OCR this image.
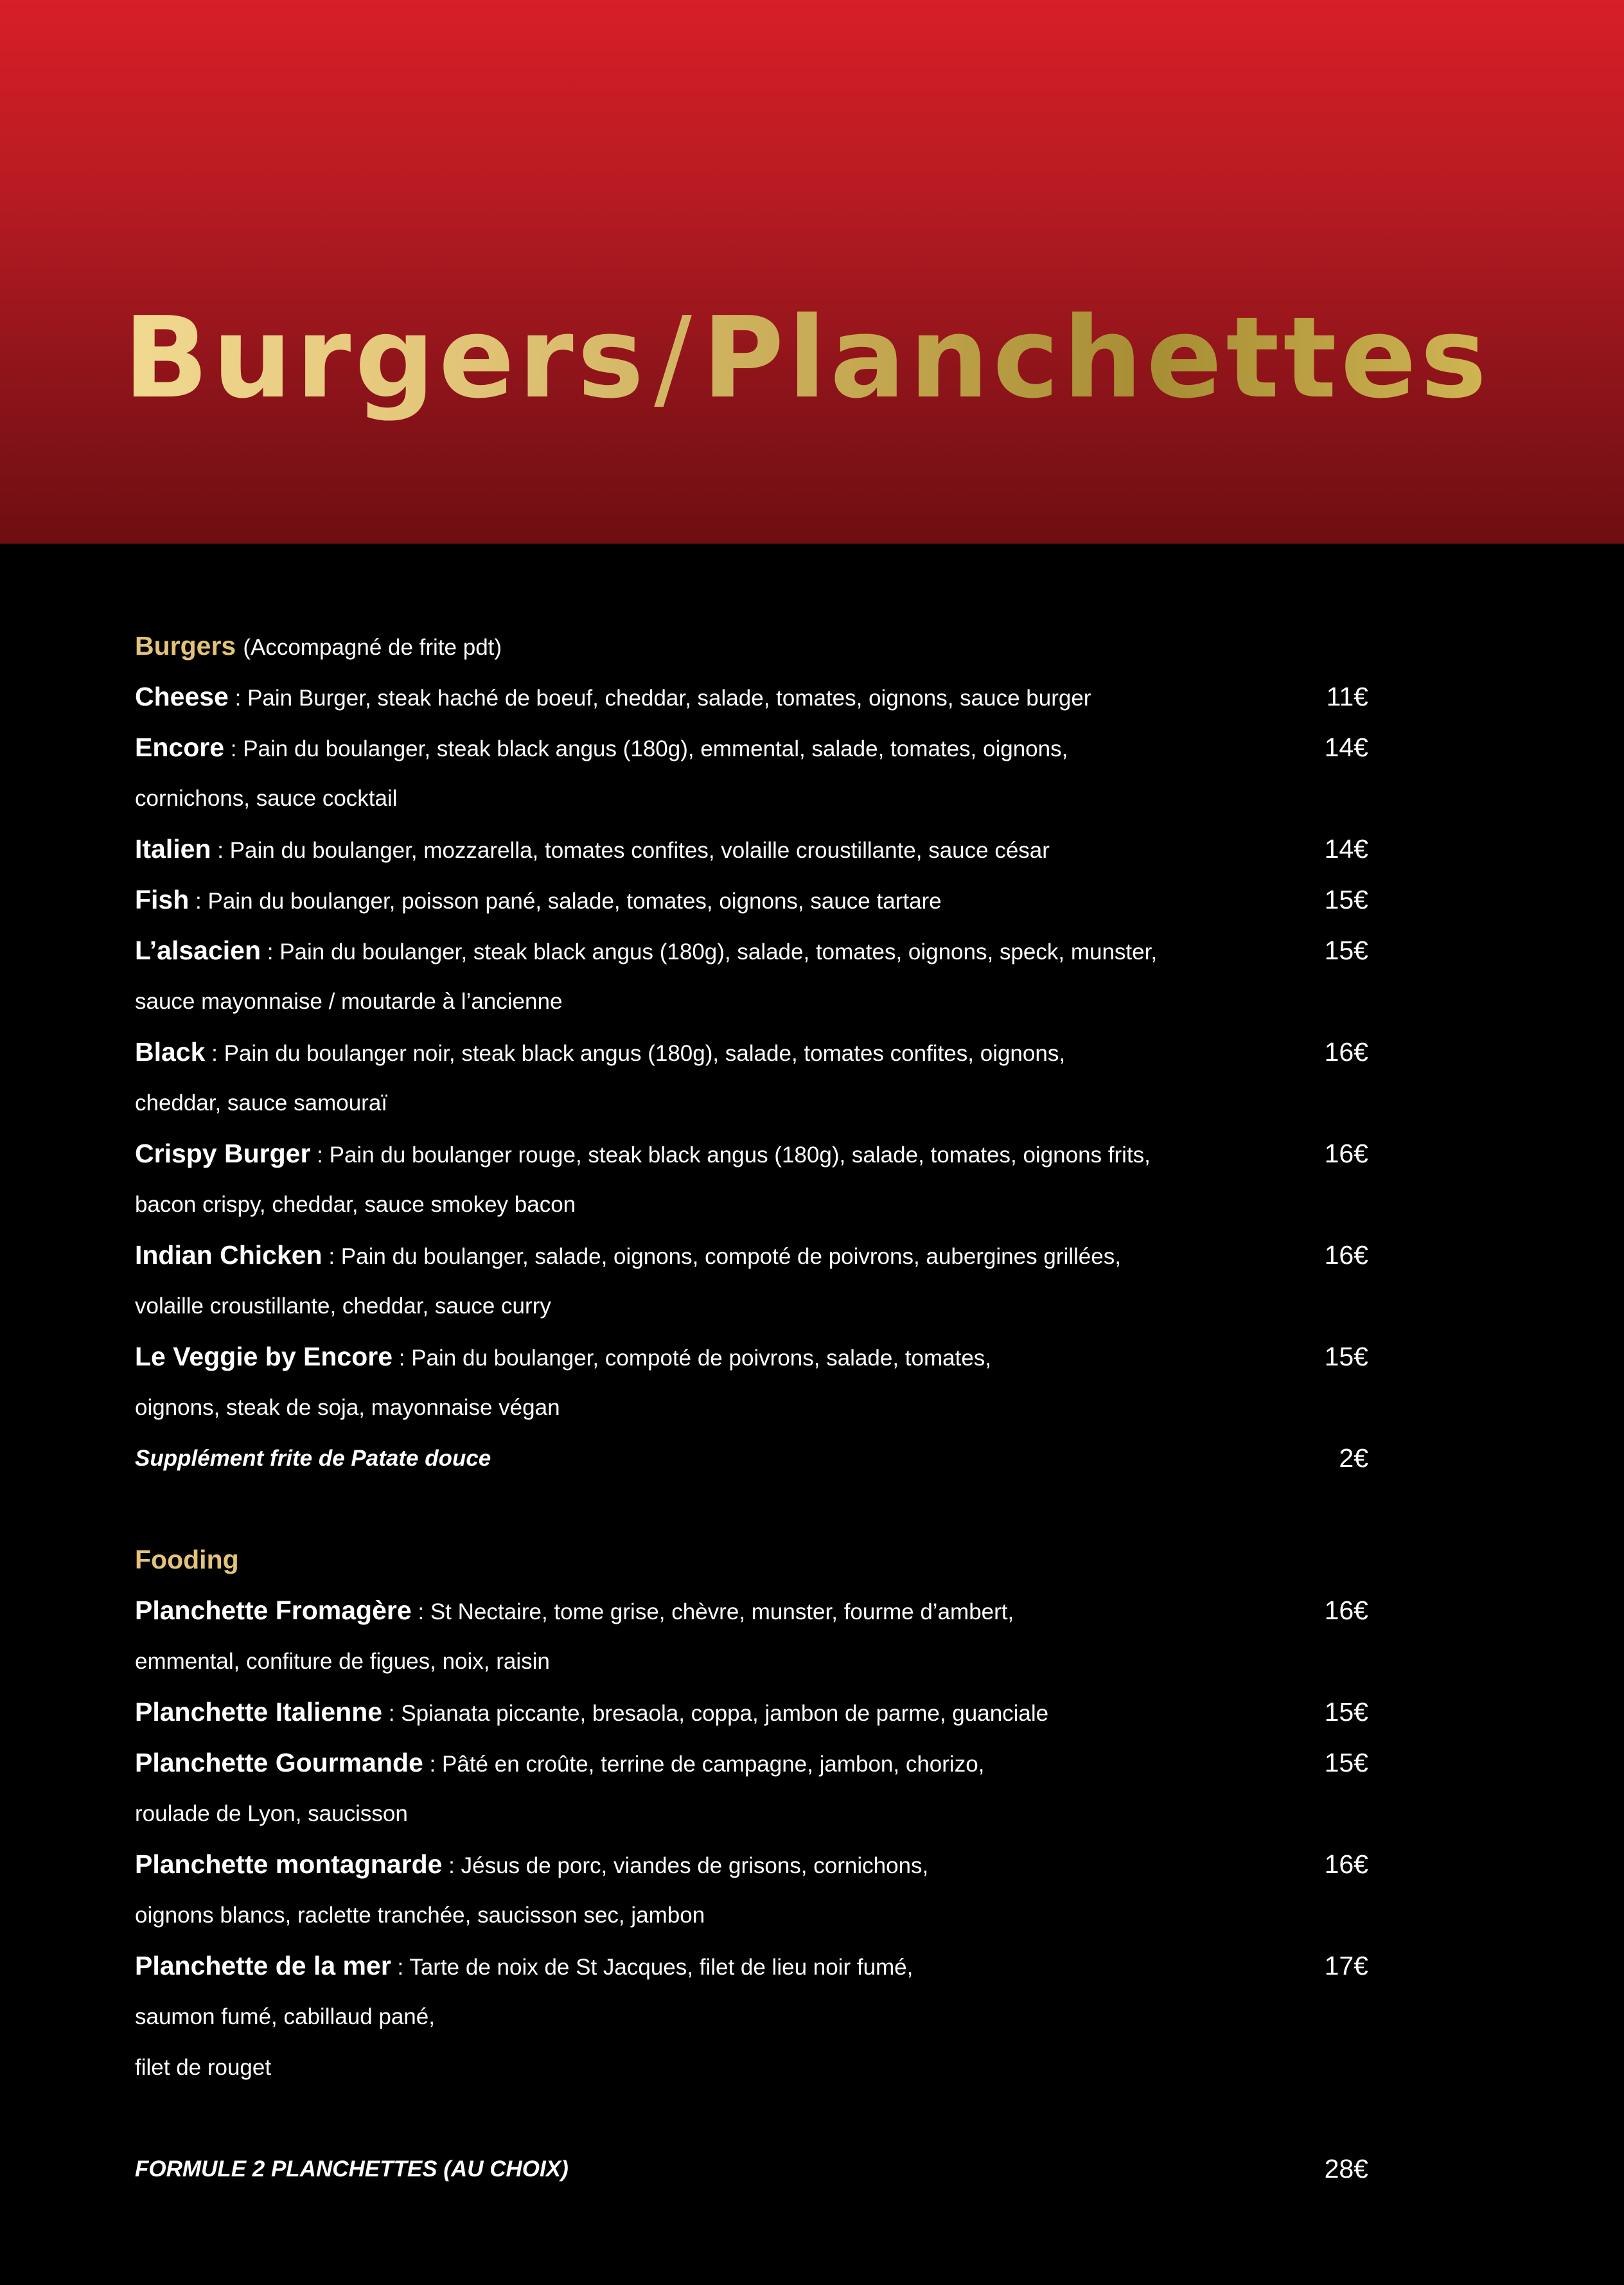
Burgers/Planchettes
Burgers (Accompagné de frite pdt)
Cheese : Pain Burger, steak haché de boeuf, cheddar, salade, tomates, oignons, sauce burger	11€
Encore : Pain du boulanger, steak black angus (180g), emmental, salade, tomates, oignons,
cornichons, sauce cocktail
14€
Italien : Pain du boulanger, mozzarella, tomates confites, volaille croustillante, sauce césar	14€
Fish : Pain du boulanger, poisson pané, salade, tomates, oignons, sauce tartare	15€
L’alsacien : Pain du boulanger, steak black angus (180g), salade, tomates, oignons, speck, munster,
sauce mayonnaise / moutarde à l’ancienne
15€
Black : Pain du boulanger noir, steak black angus (180g), salade, tomates confites, oignons,
cheddar, sauce samouraï
16€
Crispy Burger : Pain du boulanger rouge, steak black angus (180g), salade, tomates, oignons frits,
bacon crispy, cheddar, sauce smokey bacon
16€
Indian Chicken : Pain du boulanger, salade, oignons, compoté de poivrons, aubergines grillées,
volaille croustillante, cheddar, sauce curry
16€
Le Veggie by Encore : Pain du boulanger, compoté de poivrons, salade, tomates,
oignons, steak de soja, mayonnaise végan
15€
Supplément frite de Patate douce	2€
Fooding
Planchette Fromagère : St Nectaire, tome grise, chèvre, munster, fourme d’ambert,
emmental, confiture de figues, noix, raisin
16€
Planchette Italienne : Spianata piccante, bresaola, coppa, jambon de parme, guanciale	15€
Planchette Gourmande : Pâté en croûte, terrine de campagne, jambon, chorizo,
roulade de Lyon, saucisson
15€
Planchette montagnarde : Jésus de porc, viandes de grisons, cornichons,
oignons blancs, raclette tranchée, saucisson sec, jambon
16€
Planchette de la mer : Tarte de noix de St Jacques, filet de lieu noir fumé,
saumon fumé, cabillaud pané,
filet de rouget
17€
FORMULE 2 PLANCHETTES (AU CHOIX)	28€
